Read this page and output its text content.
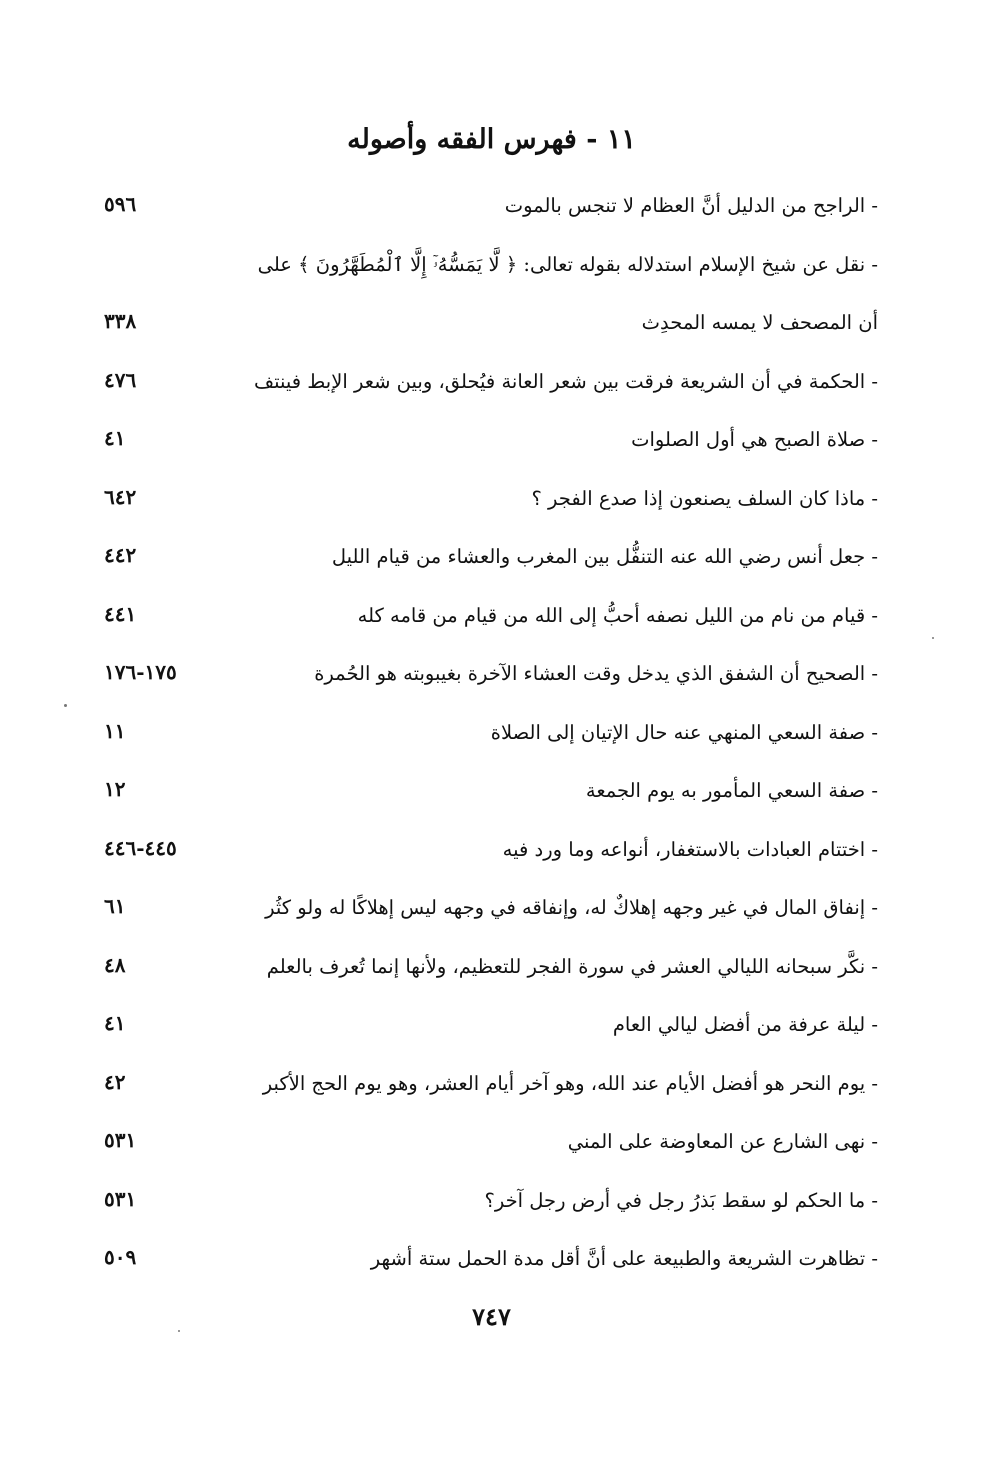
١١ - فهرس الفقه وأصوله
- الراجح من الدليل أنَّ العظام لا تنجس بالموت
٥٩٦
- نقل عن شيخ الإسلام استدلاله بقوله تعالى: ﴿ لَّا يَمَسُّهُۥٓ إِلَّا ٱلْمُطَهَّرُونَ ﴾ على
أن المصحف لا يمسه المحدِث
٣٣٨
- الحكمة في أن الشريعة فرقت بين شعر العانة فيُحلق، وبين شعر الإبط فينتف
٤٧٦
- صلاة الصبح هي أول الصلوات
٤١
- ماذا كان السلف يصنعون إذا صدع الفجر ؟
٦٤٢
- جعل أنس رضي الله عنه التنفُّل بين المغرب والعشاء من قيام الليل
٤٤٢
- قيام من نام من الليل نصفه أحبُّ إلى الله من قيام من قامه كله
٤٤١
- الصحيح أن الشفق الذي يدخل وقت العشاء الآخرة بغيبوبته هو الحُمرة
١٧٥-١٧٦
- صفة السعي المنهي عنه حال الإتيان إلى الصلاة
١١
- صفة السعي المأمور به يوم الجمعة
١٢
- اختتام العبادات بالاستغفار، أنواعه وما ورد فيه
٤٤٥-٤٤٦
- إنفاق المال في غير وجهه إهلاكٌ له، وإنفاقه في وجهه ليس إهلاكًا له ولو كثُر
٦١
- نكَّر سبحانه الليالي العشر في سورة الفجر للتعظيم، ولأنها إنما تُعرف بالعلم
٤٨
- ليلة عرفة من أفضل ليالي العام
٤١
- يوم النحر هو أفضل الأيام عند الله، وهو آخر أيام العشر، وهو يوم الحج الأكبر
٤٢
- نهى الشارع عن المعاوضة على المني
٥٣١
- ما الحكم لو سقط بَذرُ رجل في أرض رجل آخر؟
٥٣١
- تظاهرت الشريعة والطبيعة على أنَّ أقل مدة الحمل ستة أشهر
٥٠٩
٧٤٧
